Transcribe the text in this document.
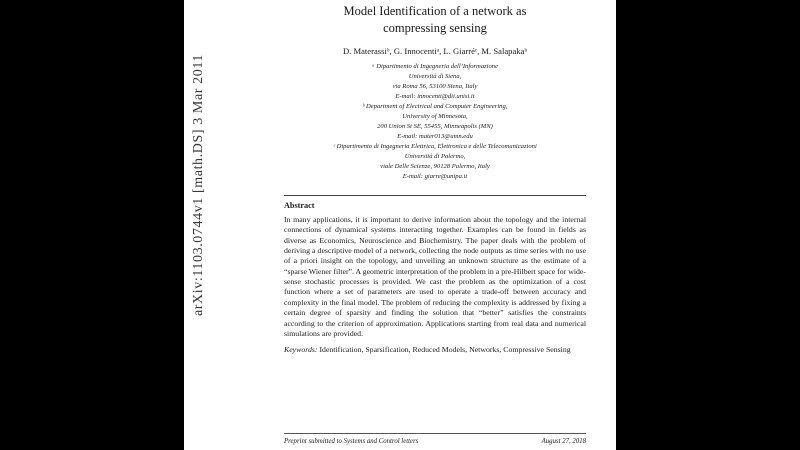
arXiv:1103.0744v1 [math.DS] 3 Mar 2011
Model Identification of a network as compressing sensing
D. Materassiᵇ, G. Innocentiᵃ, L. Giarréᶜ, M. Salapakaᵇ
ᵃ Dipartimento di Ingegneria dell’Informazione
Università di Siena,
via Roma 56, 53100 Siena, Italy
E-mail: innocenti@dii.unisi.it
ᵇ Department of Electrical and Computer Engineering,
University of Minnesota,
200 Union St SE, 55455, Minneapolis (MN)
E-mail: mater013@umn.edu
ᶜ Dipartimento di Ingegneria Elettrica, Elettronica e delle Telecomunicazioni
Università di Palermo,
viale Delle Scienze, 90128 Palermo, Italy
E-mail: giarre@unipa.it
Abstract

In many applications, it is important to derive information about the topology and the internal connections of dynamical systems interacting together. Examples can be found in fields as diverse as Economics, Neuroscience and Biochemistry. The paper deals with the problem of deriving a descriptive model of a network, collecting the node outputs as time series with no use of a priori insight on the topology, and unveiling an unknown structure as the estimate of a “sparse Wiener filter”. A geometric interpretation of the problem in a pre-Hilbert space for wide-sense stochastic processes is provided. We cast the problem as the optimization of a cost function where a set of parameters are used to operate a trade-off between accuracy and complexity in the final model. The problem of reducing the complexity is addressed by fixing a certain degree of sparsity and finding the solution that “better” satisfies the constraints according to the criterion of approximation. Applications starting from real data and numerical simulations are provided.

Keywords: Identification, Sparsification, Reduced Models, Networks, Compressive Sensing

Preprint submitted to Systems and Control letters	August 27, 2018
